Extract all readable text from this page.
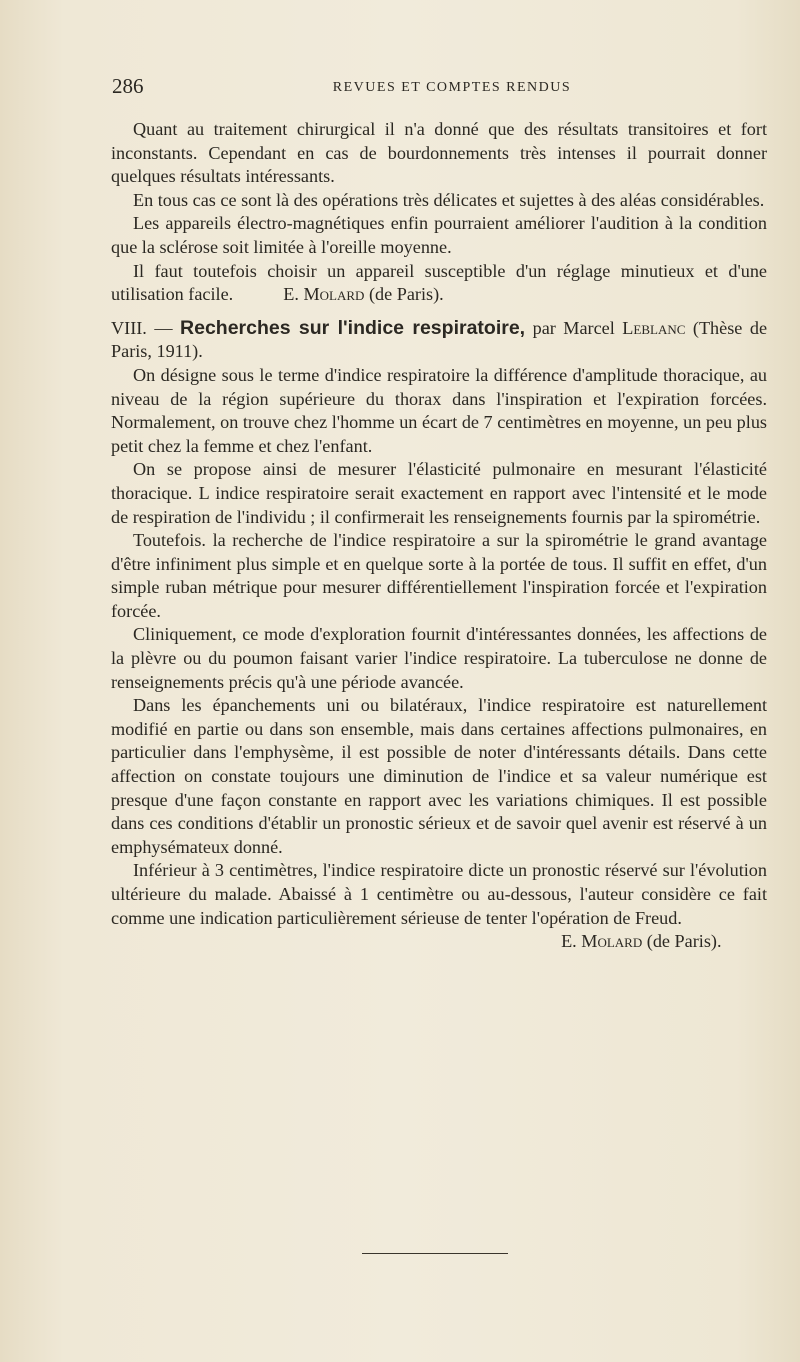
286	REVUES ET COMPTES RENDUS

Quant au traitement chirurgical il n'a donné que des résultats transitoires et fort inconstants. Cependant en cas de bourdonnements très intenses il pourrait donner quelques résultats intéressants.

En tous cas ce sont là des opérations très délicates et sujettes à des aléas considérables.

Les appareils électro-magnétiques enfin pourraient améliorer l'audition à la condition que la sclérose soit limitée à l'oreille moyenne.

Il faut toutefois choisir un appareil susceptible d'un réglage minutieux et d'une utilisation facile.	E. Molard (de Paris).

VIII. — Recherches sur l'indice respiratoire, par Marcel Leblanc (Thèse de Paris, 1911).

On désigne sous le terme d'indice respiratoire la différence d'amplitude thoracique, au niveau de la région supérieure du thorax dans l'inspiration et l'expiration forcées. Normalement, on trouve chez l'homme un écart de 7 centimètres en moyenne, un peu plus petit chez la femme et chez l'enfant.

On se propose ainsi de mesurer l'élasticité pulmonaire en mesurant l'élasticité thoracique. L indice respiratoire serait exactement en rapport avec l'intensité et le mode de respiration de l'individu ; il confirmerait les renseignements fournis par la spirométrie.

Toutefois. la recherche de l'indice respiratoire a sur la spirométrie le grand avantage d'être infiniment plus simple et en quelque sorte à la portée de tous. Il suffit en effet, d'un simple ruban métrique pour mesurer différentiellement l'inspiration forcée et l'expiration forcée.

Cliniquement, ce mode d'exploration fournit d'intéressantes données, les affections de la plèvre ou du poumon faisant varier l'indice respiratoire. La tuberculose ne donne de renseignements précis qu'à une période avancée.

Dans les épanchements uni ou bilatéraux, l'indice respiratoire est naturellement modifié en partie ou dans son ensemble, mais dans certaines affections pulmonaires, en particulier dans l'emphysème, il est possible de noter d'intéressants détails. Dans cette affection on constate toujours une diminution de l'indice et sa valeur numérique est presque d'une façon constante en rapport avec les variations chimiques. Il est possible dans ces conditions d'établir un pronostic sérieux et de savoir quel avenir est réservé à un emphysémateux donné.

Inférieur à 3 centimètres, l'indice respiratoire dicte un pronostic réservé sur l'évolution ultérieure du malade. Abaissé à 1 centimètre ou au-dessous, l'auteur considère ce fait comme une indication particulièrement sérieuse de tenter l'opération de Freud.

E. Molard (de Paris).
